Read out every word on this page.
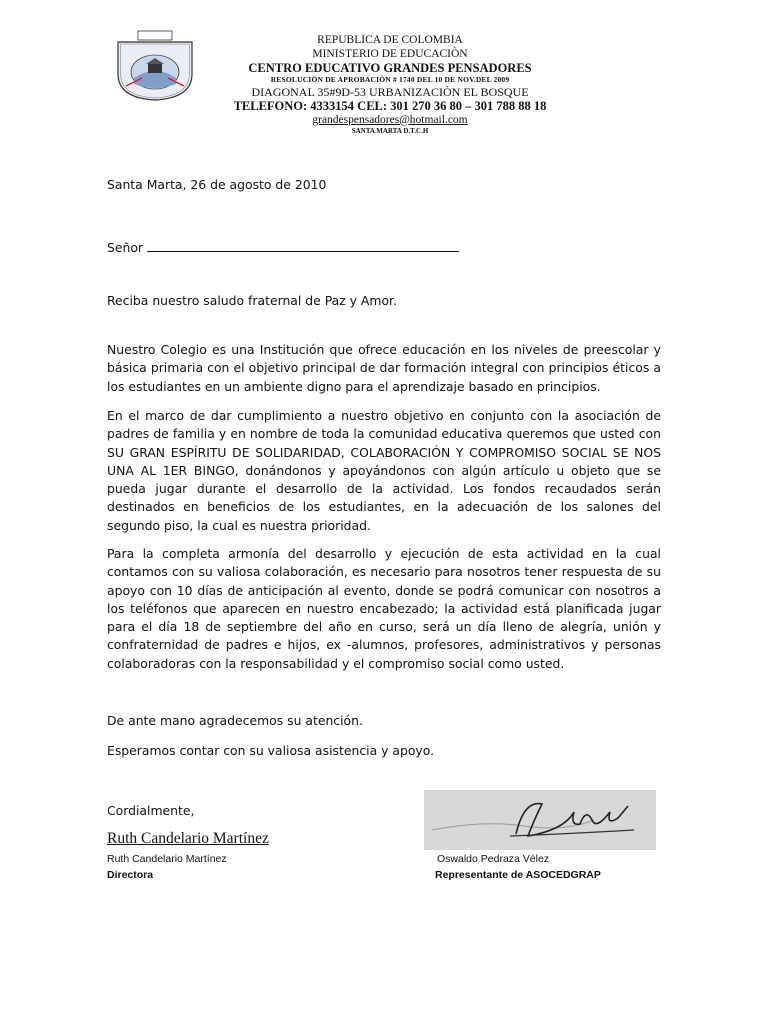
REPUBLICA DE COLOMBIA
MINISTERIO DE EDUCACIÒN
CENTRO EDUCATIVO GRANDES PENSADORES
RESOLUCIÒN DE APROBACIÒN # 1740 DEL 10 DE NOV.DEL 2009
DIAGONAL 35#9D-53 URBANIZACIÒN EL BOSQUE
TELEFONO: 4333154 CEL: 301 270 36 80 – 301 788 88 18
grandespensadores@hotmail.com
SANTA MARTA D.T.C.H
Santa Marta, 26 de agosto de 2010
Señor
Reciba nuestro saludo fraternal de Paz y Amor.
Nuestro Colegio es una Institución que ofrece educación en los niveles de preescolar y básica primaria con el objetivo principal de dar formación integral con principios éticos a los estudiantes en un ambiente digno para el aprendizaje basado en principios.
En el marco de dar cumplimiento a nuestro objetivo en conjunto con la asociación de padres de familia y en nombre de toda la comunidad educativa queremos que usted con SU GRAN ESPÍRITU DE SOLIDARIDAD, COLABORACIÓN Y COMPROMISO SOCIAL SE NOS UNA AL 1ER BINGO, donándonos y apoyándonos con algún artículo u objeto que se pueda jugar durante el desarrollo de la actividad. Los fondos recaudados serán destinados en beneficios de los estudiantes, en la adecuación de los salones del segundo piso, la cual es nuestra prioridad.
Para la completa armonía del desarrollo y ejecución de esta actividad en la cual contamos con su valiosa colaboración, es necesario para nosotros tener respuesta de su apoyo con 10 días de anticipación al evento, donde se podrá comunicar con nosotros a los teléfonos que aparecen en nuestro encabezado; la actividad está planificada jugar para el día 18 de septiembre del año en curso, será un día lleno de alegría, unión y confraternidad de padres e hijos, ex -alumnos, profesores, administrativos y personas colaboradoras con la responsabilidad y el compromiso social como usted.
De ante mano agradecemos su atención.
Esperamos contar con su valiosa asistencia y apoyo.
Cordialmente,
Ruth Candelario Martínez
Ruth Candelario Martínez
Directora
Oswaldo Pedraza Vélez
Representante de ASOCEDGRAP
